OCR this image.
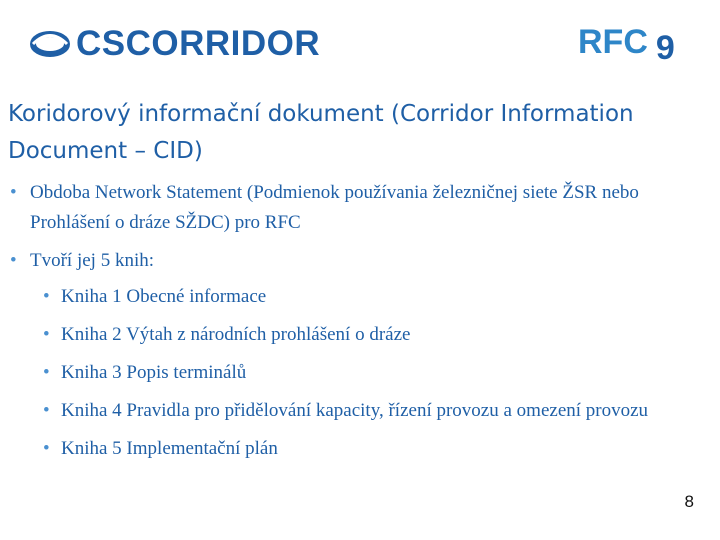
CSCORRIDOR	RFC 9
Koridorový informační dokument (Corridor Information Document – CID)
• Obdoba Network Statement (Podmienok používania železničnej siete ŽSR nebo Prohlášení o dráze SŽDC) pro RFC
• Tvoří jej 5 knih:
• Kniha 1 Obecné informace
• Kniha 2 Výtah z národních prohlášení o dráze
• Kniha 3 Popis terminálů
• Kniha 4 Pravidla pro přidělování kapacity, řízení provozu a omezení provozu
• Kniha 5 Implementační plán
8
